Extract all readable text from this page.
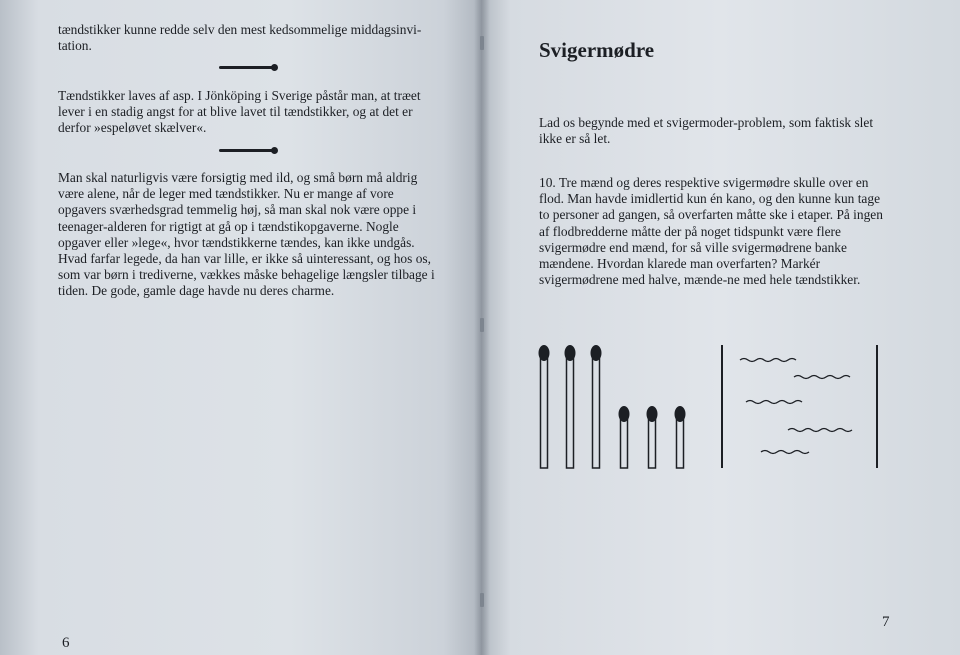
tændstikker kunne redde selv den mest kedsommelige middagsinvi-tation.

Tændstikker laves af asp. I Jönköping i Sverige påstår man, at træet lever i en stadig angst for at blive lavet til tændstikker, og at det er derfor »espeløvet skælver«.

Man skal naturligvis være forsigtig med ild, og små børn må aldrig være alene, når de leger med tændstikker. Nu er mange af vore opgavers sværhedsgrad temmelig høj, så man skal nok være oppe i teenager-alderen for rigtigt at gå op i tændstikopgaverne. Nogle opgaver eller »lege«, hvor tændstikkerne tændes, kan ikke undgås. Hvad farfar legede, da han var lille, er ikke så uinteressant, og hos os, som var børn i trediverne, vækkes måske behagelige længsler tilbage i tiden. De gode, gamle dage havde nu deres charme.

6
Svigermødre

Lad os begynde med et svigermoder-problem, som faktisk slet ikke er så let.

10. Tre mænd og deres respektive svigermødre skulle over en flod. Man havde imidlertid kun én kano, og den kunne kun tage to personer ad gangen, så overfarten måtte ske i etaper. På ingen af flodbredderne måtte der på noget tidspunkt være flere svigermødre end mænd, for så ville svigermødrene banke mændene. Hvordan klarede man overfarten? Markér svigermødrene med halve, mænde-ne med hele tændstikker.

7
